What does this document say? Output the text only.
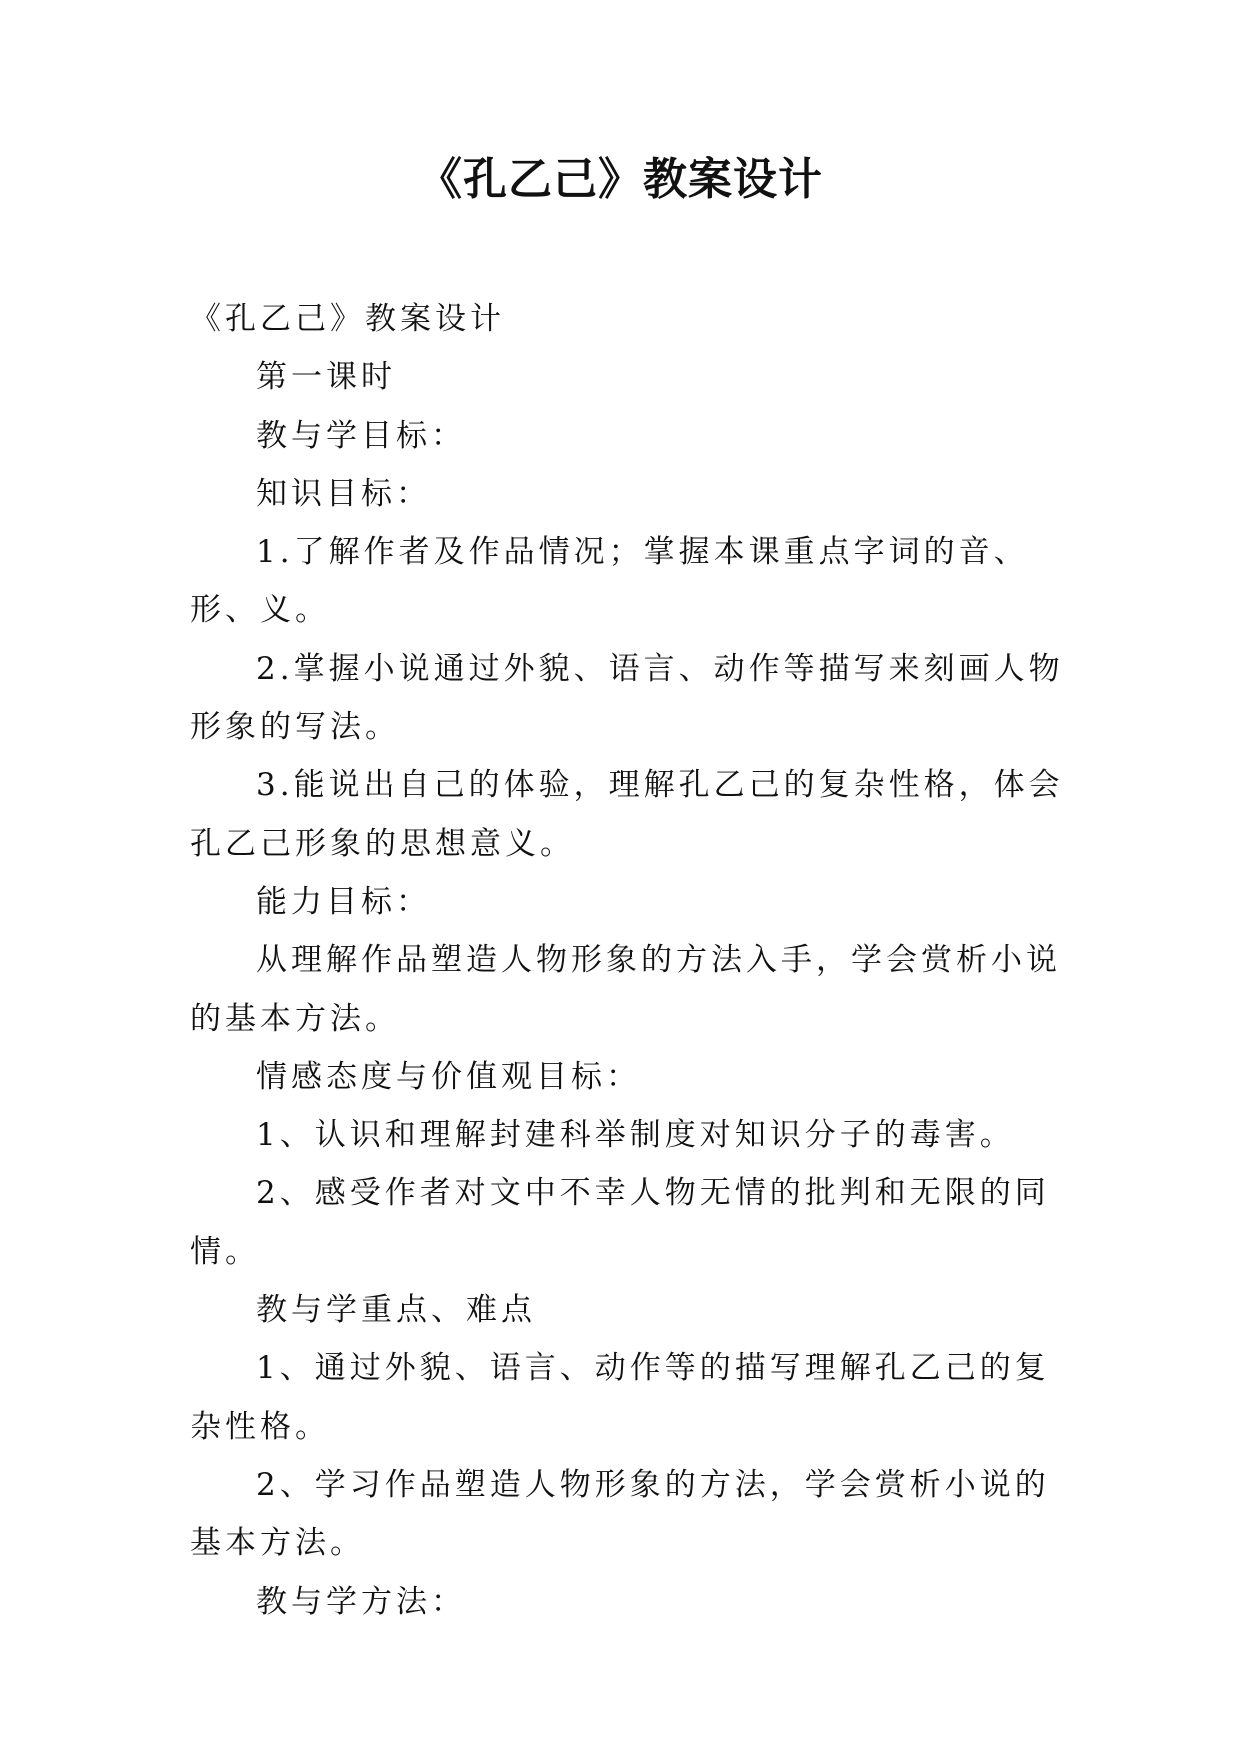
《孔乙己》教案设计

《孔乙己》教案设计

第一课时

教与学目标：

知识目标：

1.了解作者及作品情况；掌握本课重点字词的音、形、义。

2.掌握小说通过外貌、语言、动作等描写来刻画人物形象的写法。

3.能说出自己的体验，理解孔乙己的复杂性格，体会孔乙己形象的思想意义。

能力目标：

从理解作品塑造人物形象的方法入手，学会赏析小说的基本方法。

情感态度与价值观目标：

1、认识和理解封建科举制度对知识分子的毒害。

2、感受作者对文中不幸人物无情的批判和无限的同情。

教与学重点、难点

1、通过外貌、语言、动作等的描写理解孔乙己的复杂性格。

2、学习作品塑造人物形象的方法，学会赏析小说的基本方法。

教与学方法：
